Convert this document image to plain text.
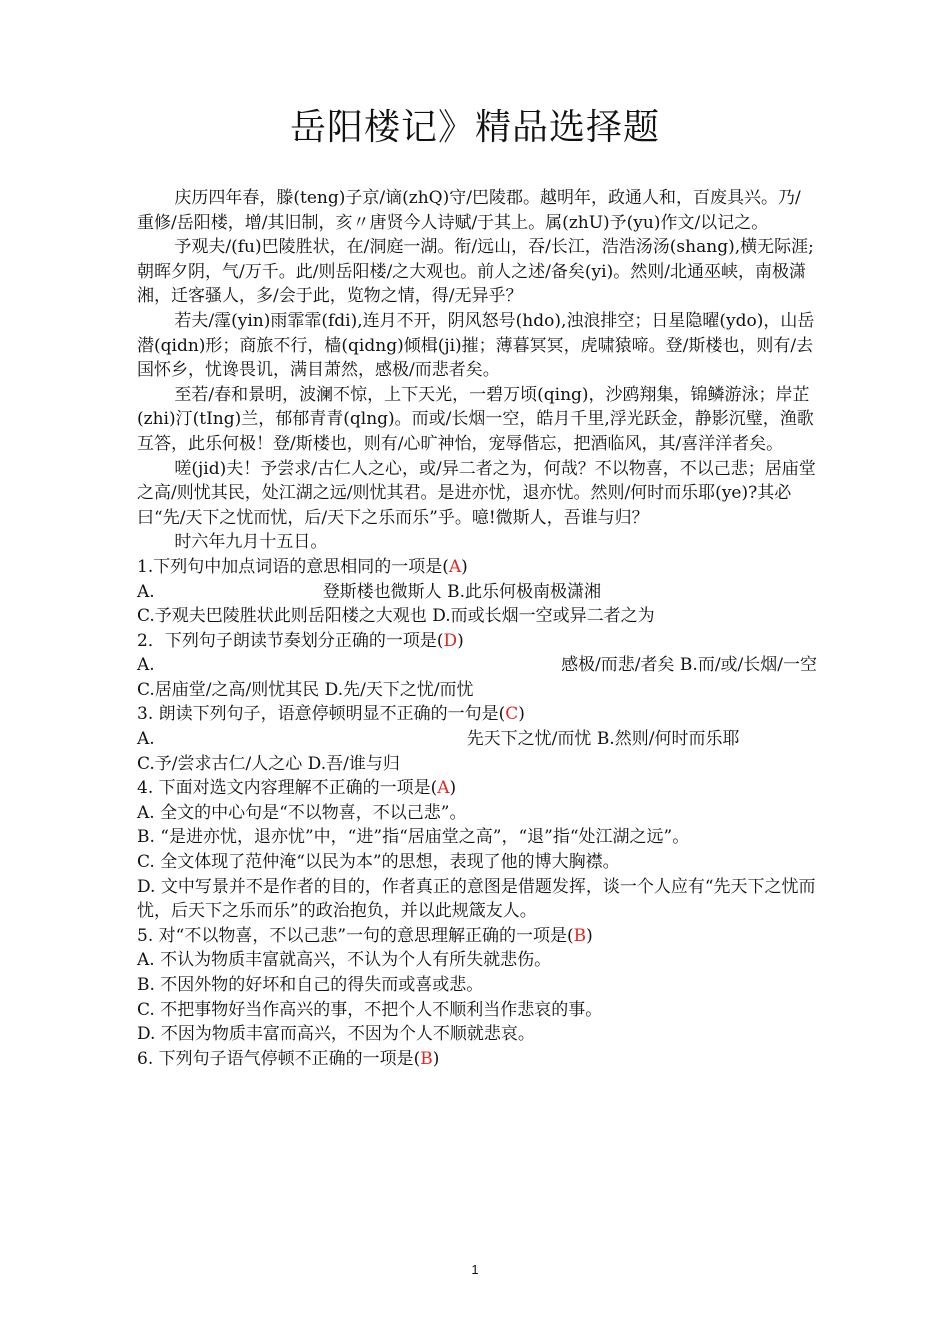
岳阳楼记》精品选择题

庆历四年春，滕(teng)子京/谪(zhQ)守/巴陵郡。越明年，政通人和，百废具兴。乃/重修/岳阳楼，增/其旧制，亥〃唐贤今人诗赋/于其上。属(zhU)予(yu)作文/以记之。

予观夫/(fu)巴陵胜状，在/洞庭一湖。衔/远山，吞/长江，浩浩汤汤(shang),横无际涯;朝晖夕阴，气/万千。此/则岳阳楼/之大观也。前人之述/备矣(yi)。然则/北通巫峡，南极潇湘，迁客骚人，多/会于此，览物之情，得/无异乎？

若夫/霪(yin)雨霏霏(fdi),连月不开，阴风怒号(hdo),浊浪排空；日星隐曜(ydo)，山岳潜(qidn)形；商旅不行，樯(qidng)倾楫(ji)摧；薄暮冥冥，虎啸猿啼。登/斯楼也，则有/去国怀乡，忧谗畏讥，满目萧然，感极/而悲者矣。

至若/春和景明，波澜不惊，上下天光，一碧万顷(qing)，沙鸥翔集，锦鳞游泳；岸芷(zhi)汀(tIng)兰，郁郁青青(qlng)。而或/长烟一空，皓月千里,浮光跃金，静影沉璧，渔歌互答，此乐何极！登/斯楼也，则有/心旷神怡，宠辱偕忘，把酒临风，其/喜洋洋者矣。

嗟(jid)夫！予尝求/古仁人之心，或/异二者之为，何哉？不以物喜，不以己悲；居庙堂之高/则忧其民，处江湖之远/则忧其君。是进亦忧，退亦忧。然则/何时而乐耶(ye)?其必曰“先/天下之忧而忧，后/天下之乐而乐”乎。噫!微斯人，吾谁与归？

时六年九月十五日。

1.下列句中加点词语的意思相同的一项是(A)

A.	登斯楼也微斯人 B.此乐何极南极潇湘

C.予观夫巴陵胜状此则岳阳楼之大观也 D.而或长烟一空或异二者之为

2．下列句子朗读节奏划分正确的一项是(D)

A.	感极/而悲/者矣 B.而/或/长烟/一空

C.居庙堂/之高/则忧其民 D.先/天下之忧/而忧

3. 朗读下列句子，语意停顿明显不正确的一句是(C)

A.	先天下之忧/而忧 B.然则/何时而乐耶

C.予/尝求古仁/人之心 D.吾/谁与归

4. 下面对选文内容理解不正确的一项是(A)

A. 全文的中心句是“不以物喜，不以己悲”。

B. “是进亦忧，退亦忧”中，“进”指“居庙堂之高”，“退”指“处江湖之远”。

C. 全文体现了范仲淹“以民为本”的思想，表现了他的博大胸襟。

D. 文中写景并不是作者的目的，作者真正的意图是借题发挥，谈一个人应有“先天下之忧而忧，后天下之乐而乐”的政治抱负，并以此规箴友人。

5. 对“不以物喜，不以己悲”一句的意思理解正确的一项是(B)

A. 不认为物质丰富就高兴，不认为个人有所失就悲伤。

B. 不因外物的好坏和自己的得失而或喜或悲。

C. 不把事物好当作高兴的事，不把个人不顺利当作悲哀的事。

D. 不因为物质丰富而高兴，不因为个人不顺就悲哀。

6. 下列句子语气停顿不正确的一项是(B)

1
